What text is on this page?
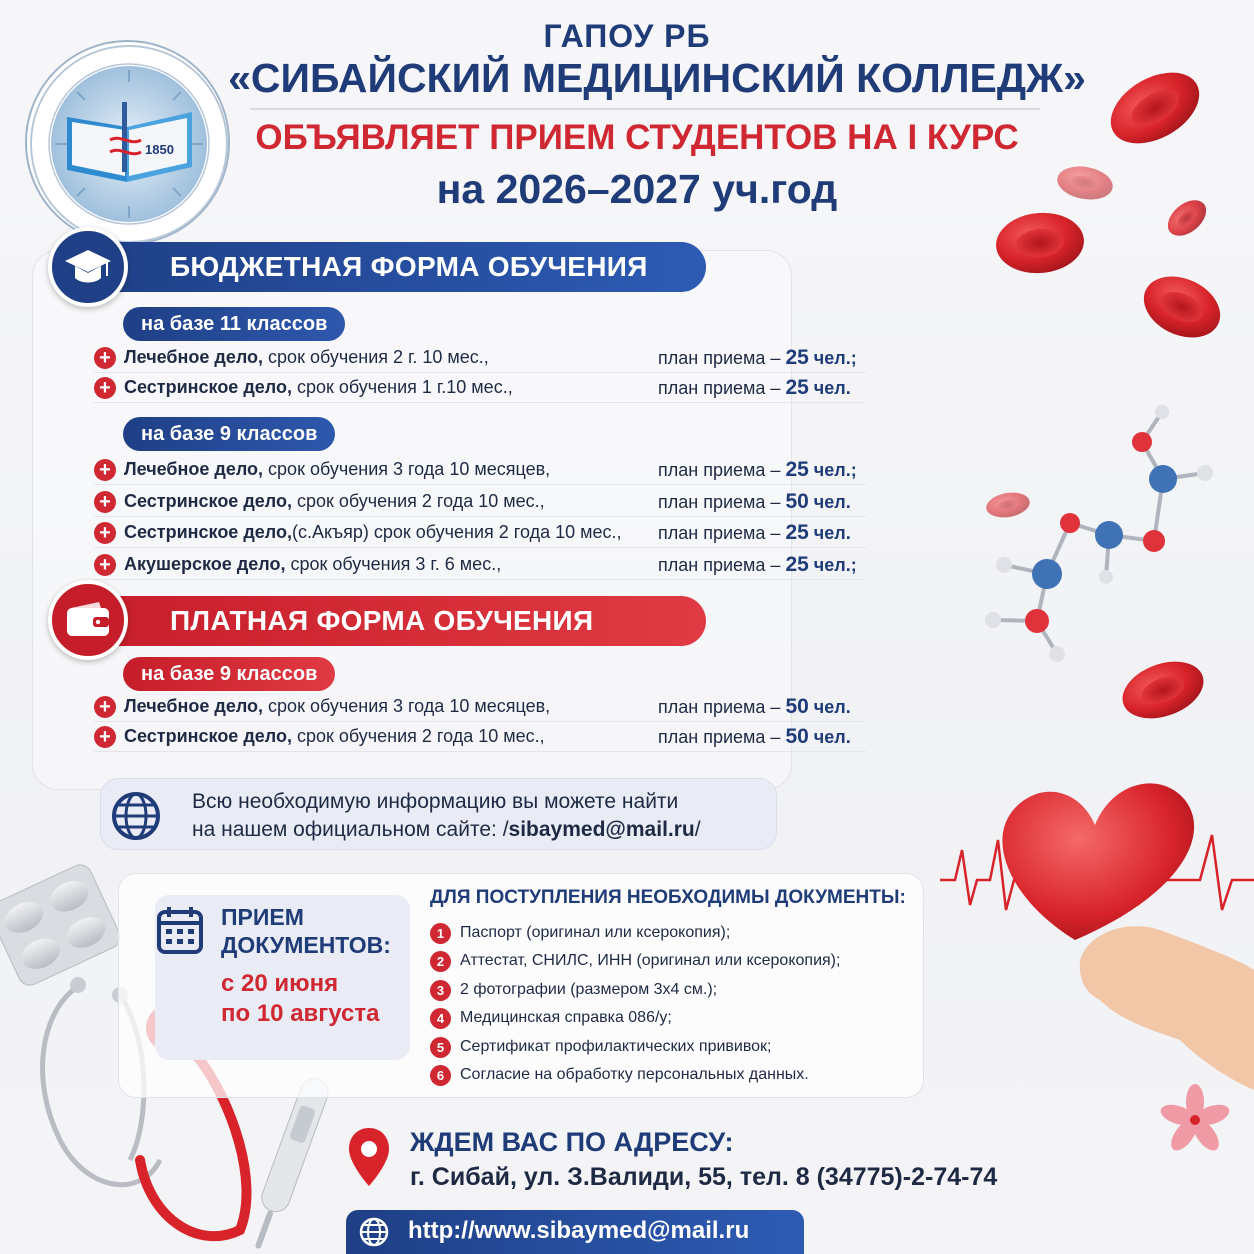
1850
ГАПОУ РБ
«СИБАЙСКИЙ МЕДИЦИНСКИЙ КОЛЛЕДЖ»
ОБЪЯВЛЯЕТ ПРИЕМ СТУДЕНТОВ НА I КУРС
на 2026–2027 уч.год
БЮДЖЕТНАЯ ФОРМА ОБУЧЕНИЯ
на базе 11 классов
+ Лечебное дело, срок обучения 2 г. 10 мес.,	план приема – 25 чел.;
+ Сестринское дело, срок обучения 1 г.10 мес.,	план приема – 25 чел.
на базе 9 классов
+ Лечебное дело, срок обучения 3 года 10 месяцев,	план приема – 25 чел.;
+ Сестринское дело, срок обучения 2 года 10 мес.,	план приема – 50 чел.
+ Сестринское дело, (с.Акъяр) срок обучения 2 года 10 мес., план приема – 25 чел.
+ Акушерское дело, срок обучения 3 г. 6 мес.,	план приема – 25 чел.;
ПЛАТНАЯ ФОРМА ОБУЧЕНИЯ
на базе 9 классов
+ Лечебное дело, срок обучения 3 года 10 месяцев,	план приема – 50 чел.
+ Сестринское дело, срок обучения 2 года 10 мес.,	план приема – 50 чел.
Всю необходимую информацию вы можете найти
на нашем официальном сайте: /sibaymed@mail.ru/
ПРИЕМ
ДОКУМЕНТОВ:
с 20 июня
по 10 августа
ДЛЯ ПОСТУПЛЕНИЯ НЕОБХОДИМЫ ДОКУМЕНТЫ:
1 Паспорт (оригинал или ксерокопия);
2 Аттестат, СНИЛС, ИНН (оригинал или ксерокопия);
3 2 фотографии (размером 3х4 см.);
4 Медицинская справка 086/у;
5 Сертификат профилактических прививок;
6 Согласие на обработку персональных данных.
ЖДЕМ ВАС ПО АДРЕСУ:
г. Сибай, ул. З.Валиди, 55, тел. 8 (34775)-2-74-74
http://www.sibaymed@mail.ru
